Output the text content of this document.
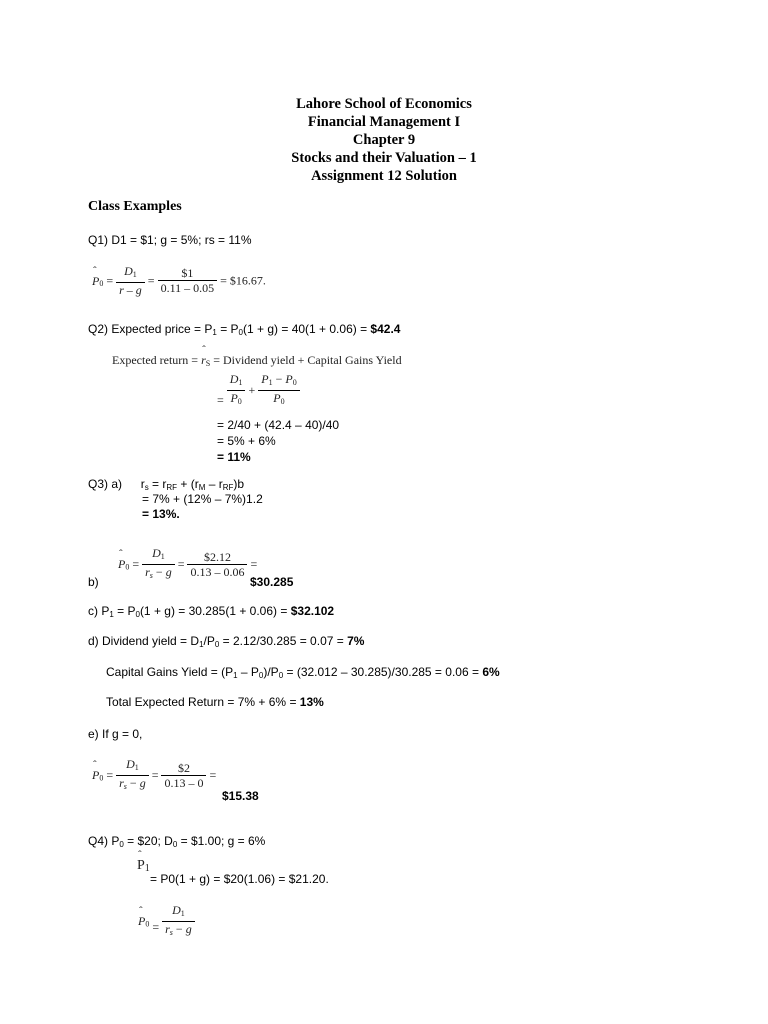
Lahore School of Economics
Financial Management I
Chapter 9
Stocks and their Valuation – 1
Assignment 12 Solution
Class Examples
Q1) D1 = $1; g = 5%; rs = 11%
ˆ $P_0 = \frac{D_1}{r - g} = \frac{\$1}{0.11 - 0.05}$ = $16.67.
Q2) Expected price = $P_1 = P_0(1 + g) = 40(1 + 0.06)$ = $42.4
Expected return = ˆ $r_S$ = Dividend yield + Capital Gains Yield
= $\frac{D_1}{P_0} + \frac{P_1 - P_0}{P_0}$
= 2/40 + (42.4 – 40)/40
= 5% + 6%
= 11%
Q3) a) $r_s = r_{RF} + (r_M - r_{RF})b$
= 7% + (12% – 7%)1.2
= 13%.
ˆ $P_0 = \frac{D_1}{r_s - g} = \frac{\$2.12}{0.13 - 0.06}$ =
b)	$30.285
c) $P_1 = P_0(1 + g) = 30.285(1 + 0.06)$ = $32.102
d) Dividend yield = $D_1/P_0 = 2.12/30.285 = 0.07 = 7\%$
Capital Gains Yield = $(P_1 - P_0)/P_0 = (32.012 - 30.285)/30.285 = 0.06 = 6\%$
Total Expected Return = 7% + 6% = 13%
e) If g = 0,
ˆ $P_0 = \frac{D_1}{r_s - g} = \frac{\$2}{0.13 - 0}$ =
$15.38
Q4) $P_0$ = $20; $D_0$ = $1.00; g = 6%
ˆ $P_1$
= P0(1 + g) = $20(1.06) = $21.20.
ˆ $P_0 = \frac{D_1}{r_s - g}$
